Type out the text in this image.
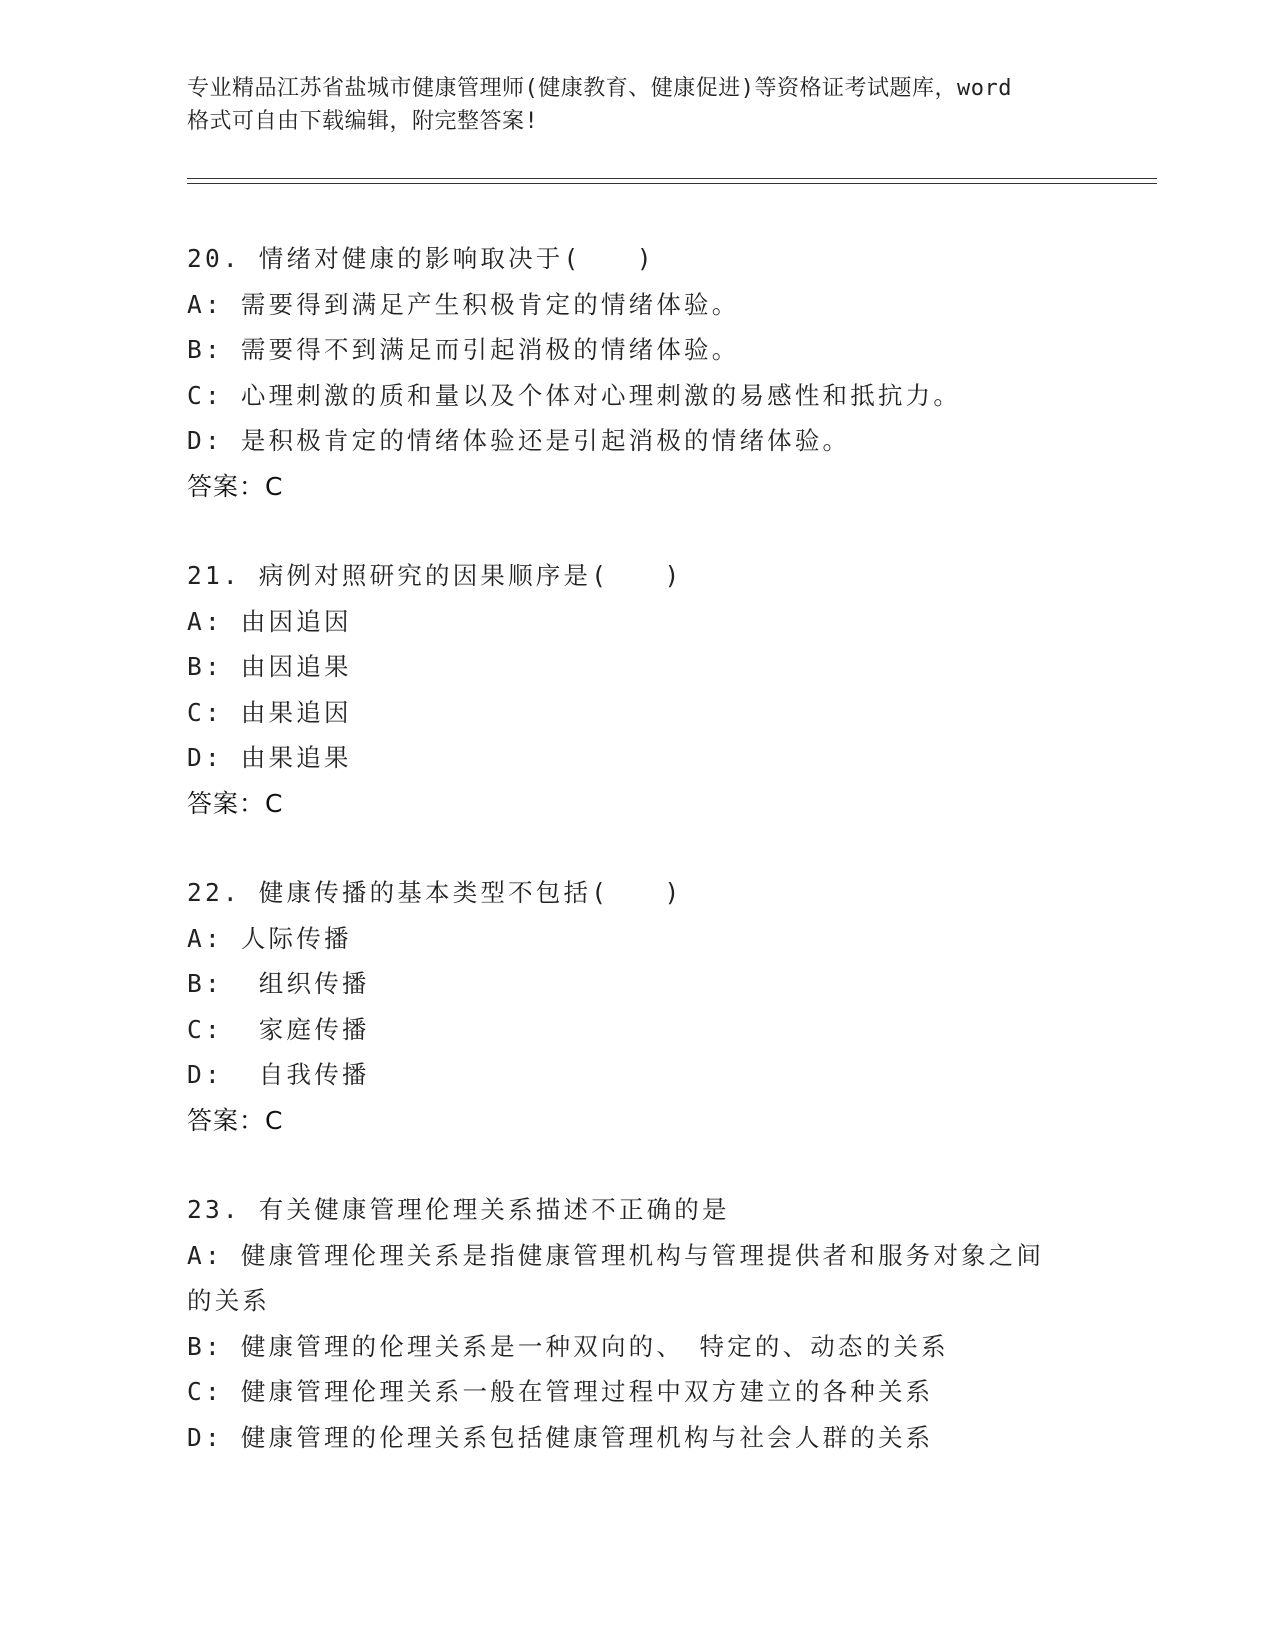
专业精品江苏省盐城市健康管理师(健康教育、健康促进)等资格证考试题库，word
格式可自由下载编辑，附完整答案!
20. 情绪对健康的影响取决于(　　)
A: 需要得到满足产生积极肯定的情绪体验。
B: 需要得不到满足而引起消极的情绪体验。
C: 心理刺激的质和量以及个体对心理刺激的易感性和抵抗力。
D: 是积极肯定的情绪体验还是引起消极的情绪体验。
答案：C
21. 病例对照研究的因果顺序是(　　)
A: 由因追因
B: 由因追果
C: 由果追因
D: 由果追果
答案：C
22. 健康传播的基本类型不包括(　　)
A: 人际传播
B:  组织传播
C:  家庭传播
D:  自我传播
答案：C
23. 有关健康管理伦理关系描述不正确的是
A: 健康管理伦理关系是指健康管理机构与管理提供者和服务对象之间的关系
B: 健康管理的伦理关系是一种双向的、　特定的、动态的关系
C: 健康管理伦理关系一般在管理过程中双方建立的各种关系
D: 健康管理的伦理关系包括健康管理机构与社会人群的关系
